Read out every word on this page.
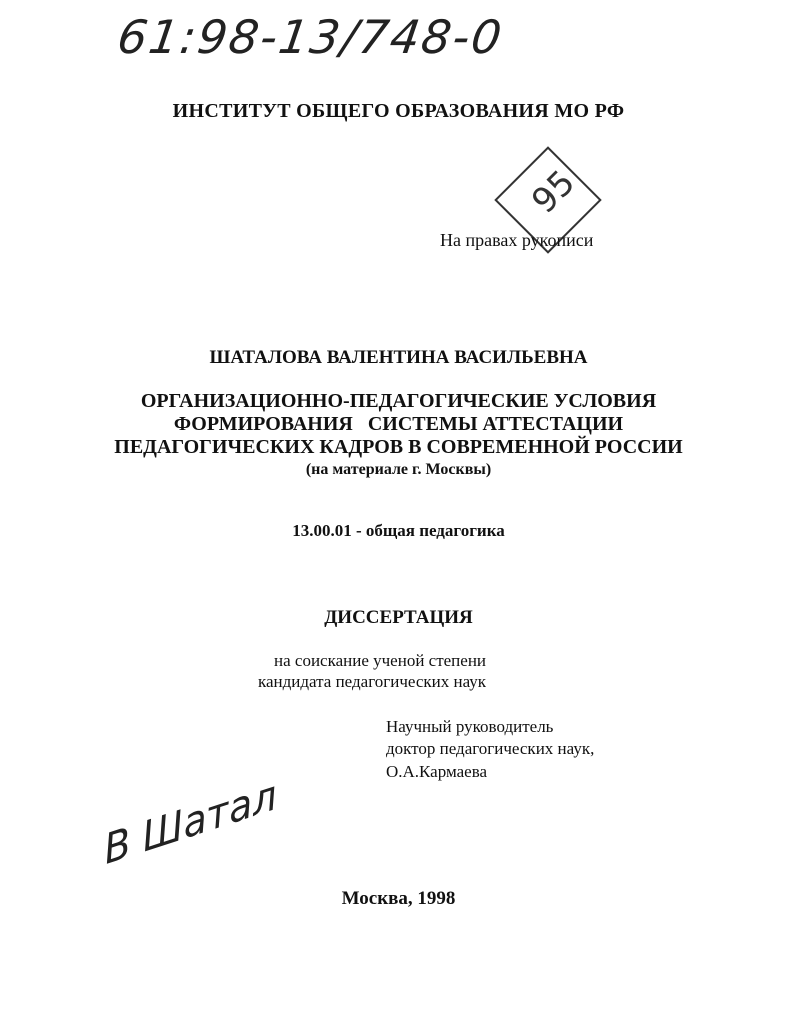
61:98-13/748-0
ИНСТИТУТ ОБЩЕГО ОБРАЗОВАНИЯ МО РФ
95
На правах рукописи
ШАТАЛОВА ВАЛЕНТИНА ВАСИЛЬЕВНА
ОРГАНИЗАЦИОННО-ПЕДАГОГИЧЕСКИЕ УСЛОВИЯ
ФОРМИРОВАНИЯ   СИСТЕМЫ АТТЕСТАЦИИ
ПЕДАГОГИЧЕСКИХ КАДРОВ В СОВРЕМЕННОЙ РОССИИ
(на материале г. Москвы)
13.00.01 - общая педагогика
ДИССЕРТАЦИЯ
на соискание ученой степени
кандидата педагогических наук
Научный руководитель
доктор педагогических наук,
О.А.Кармаева
В Шатал
Москва, 1998
